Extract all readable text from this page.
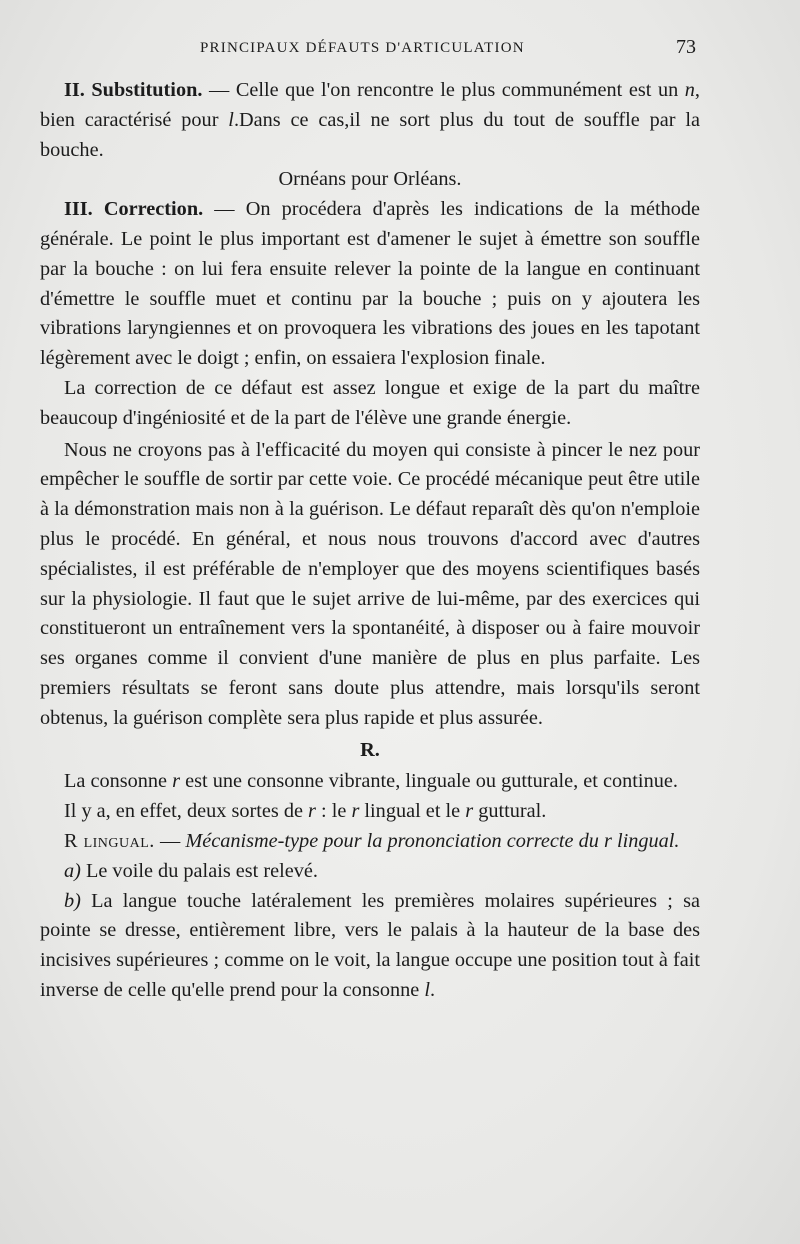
PRINCIPAUX DÉFAUTS D'ARTICULATION	73

II. Substitution. — Celle que l'on rencontre le plus communément est un n, bien caractérisé pour l.Dans ce cas,il ne sort plus du tout de souffle par la bouche.

Ornéans pour Orléans.

III. Correction. — On procédera d'après les indications de la méthode générale. Le point le plus important est d'amener le sujet à émettre son souffle par la bouche : on lui fera ensuite relever la pointe de la langue en continuant d'émettre le souffle muet et continu par la bouche ; puis on y ajoutera les vibrations laryngiennes et on provoquera les vibrations des joues en les tapotant légèrement avec le doigt ; enfin, on essaiera l'explosion finale.

La correction de ce défaut est assez longue et exige de la part du maître beaucoup d'ingéniosité et de la part de l'élève une grande énergie.

Nous ne croyons pas à l'efficacité du moyen qui consiste à pincer le nez pour empêcher le souffle de sortir par cette voie. Ce procédé mécanique peut être utile à la démonstration mais non à la guérison. Le défaut reparaît dès qu'on n'emploie plus le procédé. En général, et nous nous trouvons d'accord avec d'autres spécialistes, il est préférable de n'employer que des moyens scientifiques basés sur la physiologie. Il faut que le sujet arrive de lui-même, par des exercices qui constitueront un entraînement vers la spontanéité, à disposer ou à faire mouvoir ses organes comme il convient d'une manière de plus en plus parfaite. Les premiers résultats se feront sans doute plus attendre, mais lorsqu'ils seront obtenus, la guérison complète sera plus rapide et plus assurée.

R.

La consonne r est une consonne vibrante, linguale ou gutturale, et continue.

Il y a, en effet, deux sortes de r : le r lingual et le r guttural.

R lingual. — Mécanisme-type pour la prononciation correcte du r lingual.

a) Le voile du palais est relevé.

b) La langue touche latéralement les premières molaires supérieures ; sa pointe se dresse, entièrement libre, vers le palais à la hauteur de la base des incisives supérieures ; comme on le voit, la langue occupe une position tout à fait inverse de celle qu'elle prend pour la consonne l.
